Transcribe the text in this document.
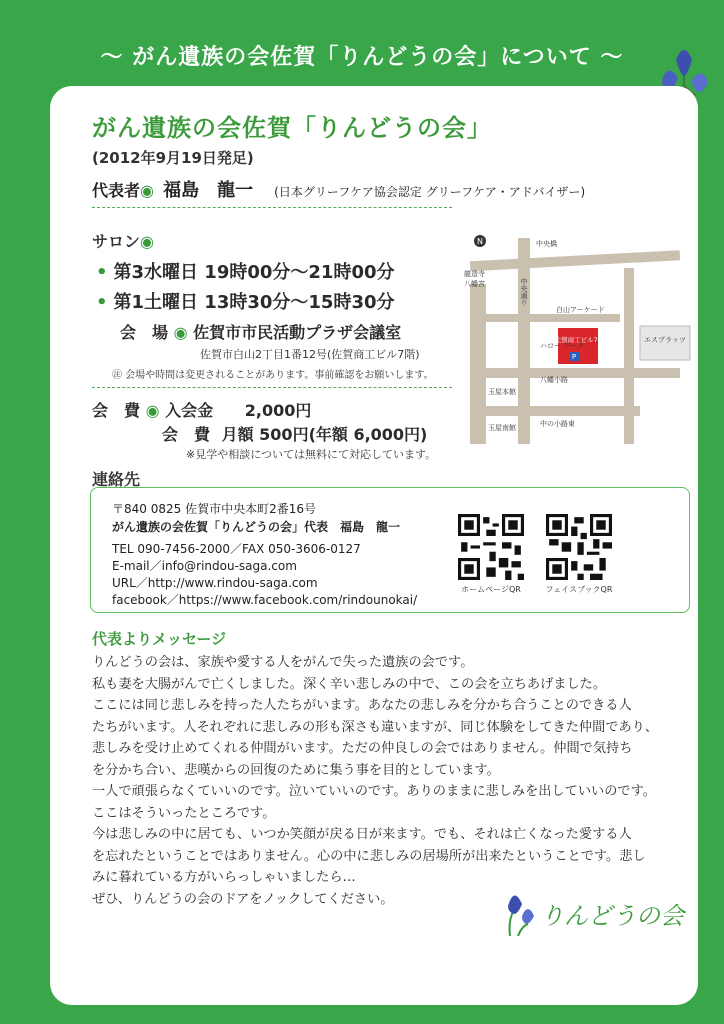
〜 がん遺族の会佐賀「りんどうの会」について 〜
がん遺族の会佐賀「りんどうの会」
(2012年9月19日発足)
代表者◉ 福島　龍一 (日本グリーフケア協会認定 グリーフケア・アドバイザー)
サロン◉
• 第3水曜日 19時00分〜21時00分
• 第1土曜日 13時30分〜15時30分
会　場 ◉ 佐賀市市民活動プラザ会議室
佐賀市白山2丁目1番12号(佐賀商工ビル7階)
㊟ 会場や時間は変更されることがあります。事前確認をお願いします。
会　費 ◉ 入会金 2,000円
会　費 月額 500円(年額 6,000円)
※見学や相談については無料にて対応しています。
N
佐賀商工ビル7F	エスプラッツ
P
中央橋
龍造寺
八幡宮
白山アーケード
ハロー ワーク
八幡小路
玉屋本館
玉屋南館	中の小路東
中央通り
連絡先
〒840 0825 佐賀市中央本町2番16号
がん遺族の会佐賀「りんどうの会」代表　福島　龍一
TEL 090-7456-2000／FAX 050-3606-0127
E-mail／info@rindou-saga.com
URL／http://www.rindou-saga.com
facebook／https://www.facebook.com/rindounokai/
ホームページQR	フェイスブックQR
代表よりメッセージ

りんどうの会は、家族や愛する人をがんで失った遺族の会です。

私も妻を大腸がんで亡くしました。深く辛い悲しみの中で、この会を立ちあげました。

ここには同じ悲しみを持った人たちがいます。あなたの悲しみを分かち合うことのできる人

たちがいます。人それぞれに悲しみの形も深さも違いますが、同じ体験をしてきた仲間であり、

悲しみを受け止めてくれる仲間がいます。ただの仲良しの会ではありません。仲間で気持ち

を分かち合い、悲嘆からの回復のために集う事を目的としています。

一人で頑張らなくていいのです。泣いていいのです。ありのままに悲しみを出していいのです。

ここはそういったところです。

今は悲しみの中に居ても、いつか笑顔が戻る日が来ます。でも、それは亡くなった愛する人

を忘れたということではありません。心の中に悲しみの居場所が出来たということです。悲し

みに暮れている方がいらっしゃいましたら…

ぜひ、りんどうの会のドアをノックしてください。

りんどうの会
